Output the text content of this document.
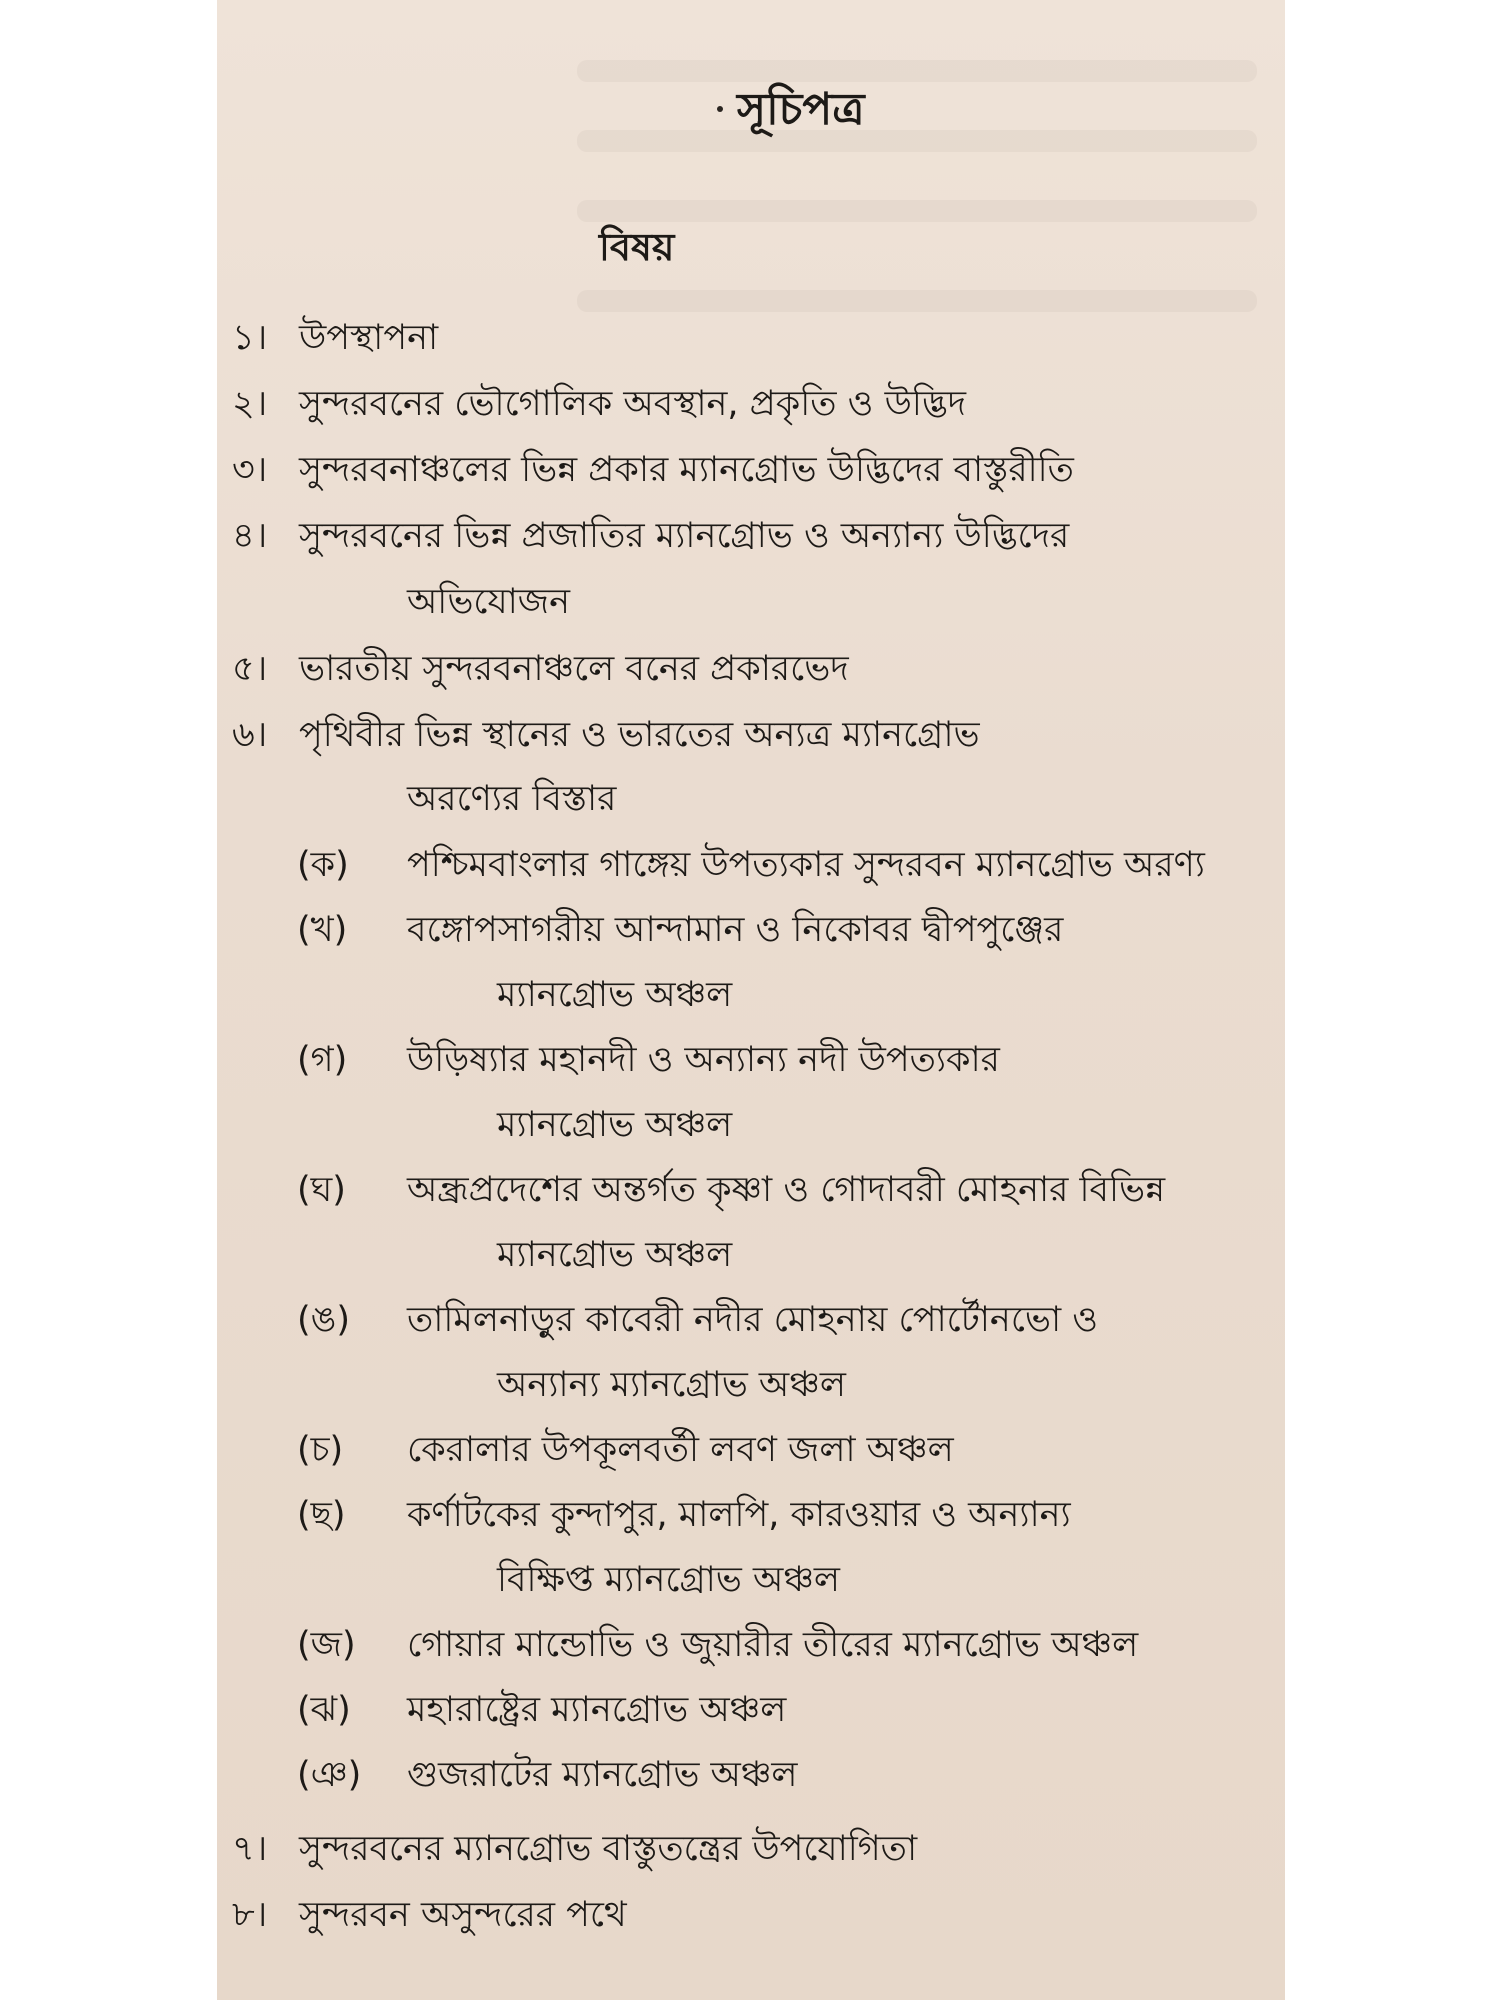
সূচিপত্র
বিষয়
১। উপস্থাপনা
২। সুন্দরবনের ভৌগোলিক অবস্থান, প্রকৃতি ও উদ্ভিদ
৩। সুন্দরবনাঞ্চলের ভিন্ন প্রকার ম্যানগ্রোভ উদ্ভিদের বাস্তুরীতি
৪। সুন্দরবনের ভিন্ন প্রজাতির ম্যানগ্রোভ ও অন্যান্য উদ্ভিদের
অভিযোজন
৫। ভারতীয় সুন্দরবনাঞ্চলে বনের প্রকারভেদ
৬। পৃথিবীর ভিন্ন স্থানের ও ভারতের অন্যত্র ম্যানগ্রোভ
অরণ্যের বিস্তার
(ক) পশ্চিমবাংলার গাঙ্গেয় উপত্যকার সুন্দরবন ম্যানগ্রোভ অরণ্য
(খ) বঙ্গোপসাগরীয় আন্দামান ও নিকোবর দ্বীপপুঞ্জের
ম্যানগ্রোভ অঞ্চল
(গ) উড়িষ্যার মহানদী ও অন্যান্য নদী উপত্যকার
ম্যানগ্রোভ অঞ্চল
(ঘ) অন্ধ্রপ্রদেশের অন্তর্গত কৃষ্ণা ও গোদাবরী মোহনার বিভিন্ন
ম্যানগ্রোভ অঞ্চল
(ঙ) তামিলনাড়ুর কাবেরী নদীর মোহনায় পোর্টোনভো ও
অন্যান্য ম্যানগ্রোভ অঞ্চল
(চ) কেরালার উপকূলবর্তী লবণ জলা অঞ্চল
(ছ) কর্ণাটকের কুন্দাপুর, মালপি, কারওয়ার ও অন্যান্য
বিক্ষিপ্ত ম্যানগ্রোভ অঞ্চল
(জ) গোয়ার মান্ডোভি ও জুয়ারীর তীরের ম্যানগ্রোভ অঞ্চল
(ঝ) মহারাষ্ট্রের ম্যানগ্রোভ অঞ্চল
(ঞ) গুজরাটের ম্যানগ্রোভ অঞ্চল
৭। সুন্দরবনের ম্যানগ্রোভ বাস্তুতন্ত্রের উপযোগিতা
৮। সুন্দরবন অসুন্দরের পথে
